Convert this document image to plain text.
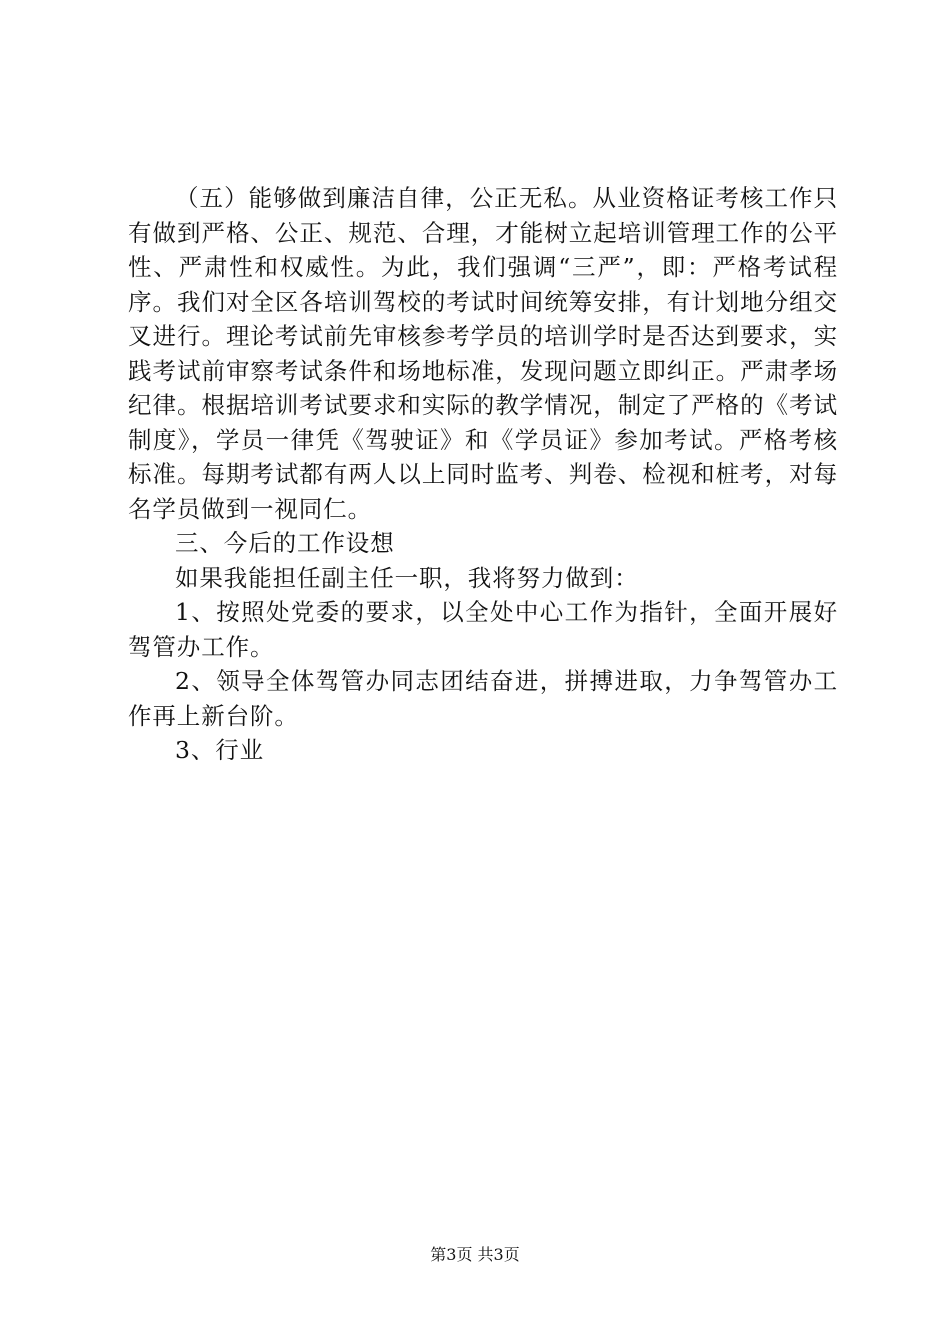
（五）能够做到廉洁自律，公正无私。从业资格证考核工作只有做到严格、公正、规范、合理，才能树立起培训管理工作的公平性、严肃性和权威性。为此，我们强调“三严”，即：严格考试程序。我们对全区各培训驾校的考试时间统筹安排，有计划地分组交叉进行。理论考试前先审核参考学员的培训学时是否达到要求，实践考试前审察考试条件和场地标准，发现问题立即纠正。严肃孝场纪律。根据培训考试要求和实际的教学情况，制定了严格的《考试制度》，学员一律凭《驾驶证》和《学员证》参加考试。严格考核标准。每期考试都有两人以上同时监考、判卷、检视和桩考，对每名学员做到一视同仁。

三、今后的工作设想

如果我能担任副主任一职，我将努力做到：

1、按照处党委的要求，以全处中心工作为指针，全面开展好驾管办工作。

2、领导全体驾管办同志团结奋进，拼搏进取，力争驾管办工作再上新台阶。

3、行业

第3页 共3页
